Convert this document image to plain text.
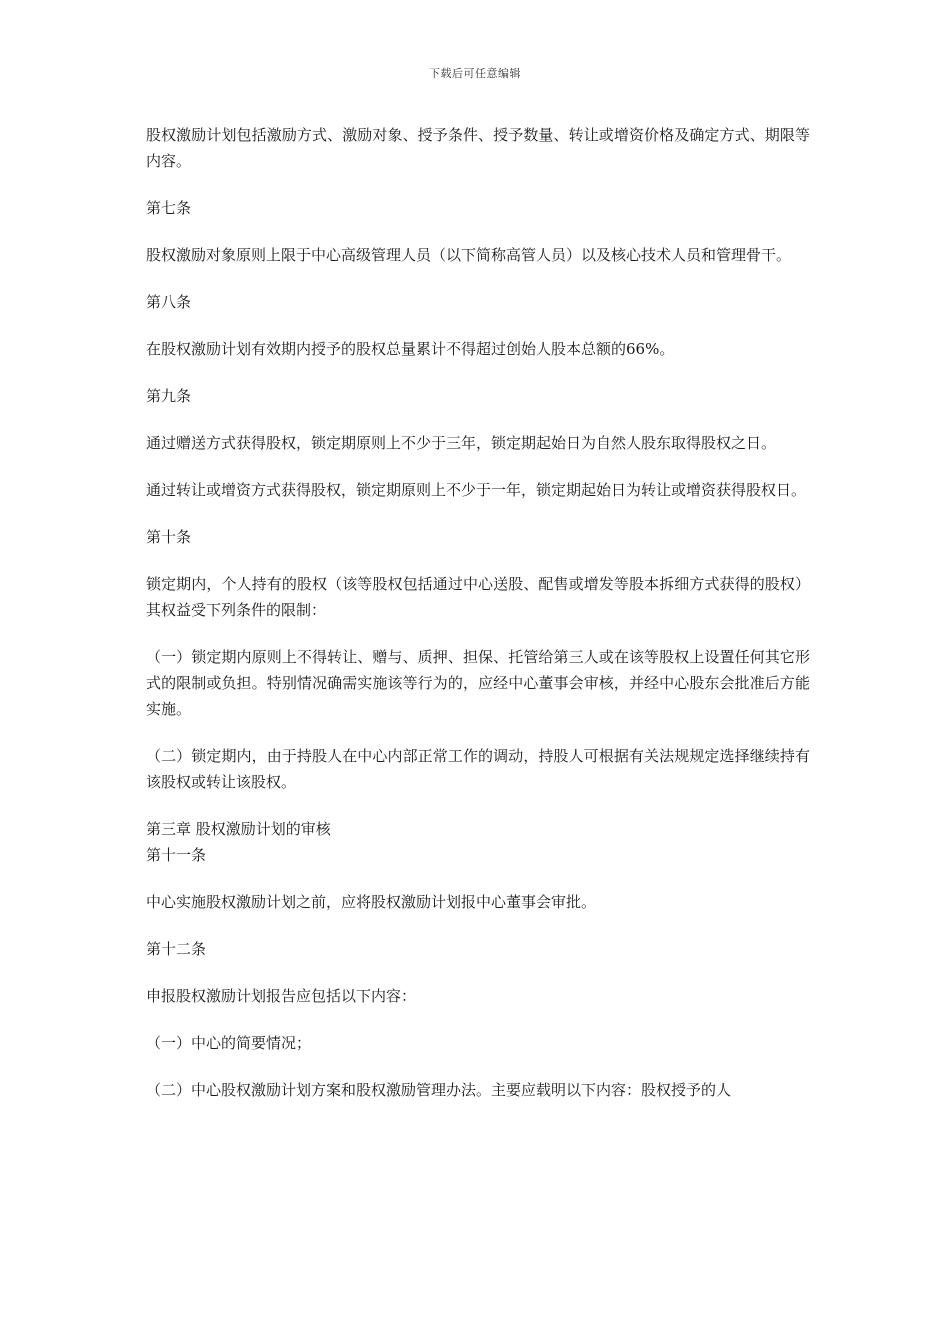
下载后可任意编辑

股权激励计划包括激励方式、激励对象、授予条件、授予数量、转让或增资价格及确定方式、期限等内容。

第七条

股权激励对象原则上限于中心高级管理人员（以下简称高管人员）以及核心技术人员和管理骨干。

第八条

在股权激励计划有效期内授予的股权总量累计不得超过创始人股本总额的66%。

第九条

通过赠送方式获得股权，锁定期原则上不少于三年，锁定期起始日为自然人股东取得股权之日。

通过转让或增资方式获得股权，锁定期原则上不少于一年，锁定期起始日为转让或增资获得股权日。

第十条

锁定期内，个人持有的股权（该等股权包括通过中心送股、配售或增发等股本拆细方式获得的股权）其权益受下列条件的限制：

（一）锁定期内原则上不得转让、赠与、质押、担保、托管给第三人或在该等股权上设置任何其它形式的限制或负担。特别情况确需实施该等行为的，应经中心董事会审核，并经中心股东会批准后方能实施。

（二）锁定期内，由于持股人在中心内部正常工作的调动，持股人可根据有关法规规定选择继续持有该股权或转让该股权。

第三章 股权激励计划的审核

第十一条

中心实施股权激励计划之前，应将股权激励计划报中心董事会审批。

第十二条

申报股权激励计划报告应包括以下内容：

（一）中心的简要情况；

（二）中心股权激励计划方案和股权激励管理办法。主要应载明以下内容：股权授予的人
